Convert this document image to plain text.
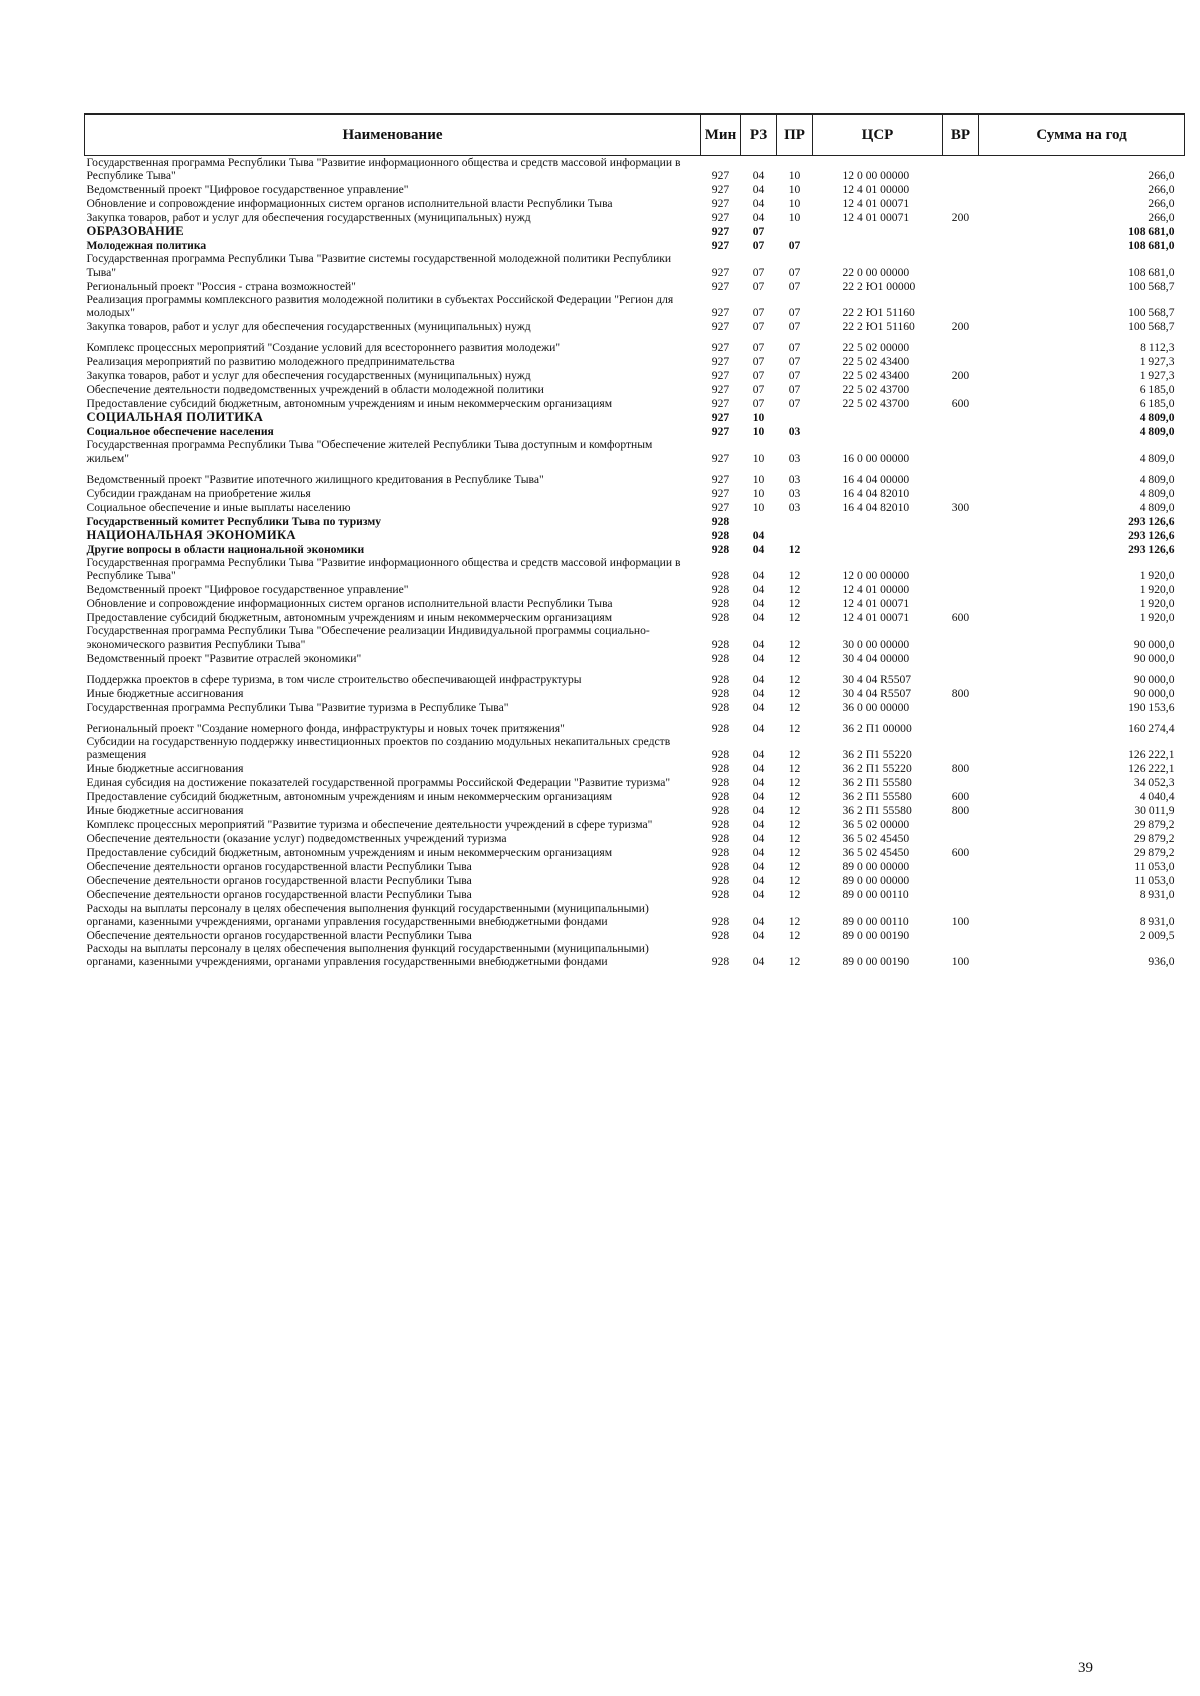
Наименование	Мин	РЗ	ПР	ЦСР	ВР	Сумма на год
Государственная программа Республики Тыва "Развитие информационного общества и средств массовой информации в Республике Тыва"	927	04	10	12 0 00 00000		266,0
Ведомственный проект "Цифровое государственное управление"	927	04	10	12 4 01 00000		266,0
Обновление и сопровождение информационных систем органов исполнительной власти Республики Тыва	927	04	10	12 4 01 00071		266,0
Закупка товаров, работ и услуг для обеспечения государственных (муниципальных) нужд	927	04	10	12 4 01 00071	200	266,0
ОБРАЗОВАНИЕ	927	07				108 681,0
Молодежная политика	927	07	07			108 681,0
Государственная программа Республики Тыва "Развитие системы государственной молодежной политики Республики Тыва"	927	07	07	22 0 00 00000		108 681,0
Региональный проект "Россия - страна возможностей"	927	07	07	22 2 Ю1 00000		100 568,7
Реализация программы комплексного развития молодежной политики в субъектах Российской Федерации "Регион для молодых"	927	07	07	22 2 Ю1 51160		100 568,7
Закупка товаров, работ и услуг для обеспечения государственных (муниципальных) нужд	927	07	07	22 2 Ю1 51160	200	100 568,7
Комплекс процессных мероприятий "Создание условий для всестороннего развития молодежи"	927	07	07	22 5 02 00000		8 112,3
Реализация мероприятий по развитию молодежного предпринимательства	927	07	07	22 5 02 43400		1 927,3
Закупка товаров, работ и услуг для обеспечения государственных (муниципальных) нужд	927	07	07	22 5 02 43400	200	1 927,3
Обеспечение деятельности подведомственных учреждений в области молодежной политики	927	07	07	22 5 02 43700		6 185,0
Предоставление субсидий бюджетным, автономным учреждениям и иным некоммерческим организациям	927	07	07	22 5 02 43700	600	6 185,0
СОЦИАЛЬНАЯ ПОЛИТИКА	927	10				4 809,0
Социальное обеспечение населения	927	10	03			4 809,0
Государственная программа Республики Тыва "Обеспечение жителей Республики Тыва доступным и комфортным жильем"	927	10	03	16 0 00 00000		4 809,0
Ведомственный проект "Развитие ипотечного жилищного кредитования в Республике Тыва"	927	10	03	16 4 04 00000		4 809,0
Субсидии гражданам на приобретение жилья	927	10	03	16 4 04 82010		4 809,0
Социальное обеспечение и иные выплаты населению	927	10	03	16 4 04 82010	300	4 809,0
Государственный комитет Республики Тыва по туризму	928					293 126,6
НАЦИОНАЛЬНАЯ ЭКОНОМИКА	928	04				293 126,6
Другие вопросы в области национальной экономики	928	04	12			293 126,6
Государственная программа Республики Тыва "Развитие информационного общества и средств массовой информации в Республике Тыва"	928	04	12	12 0 00 00000		1 920,0
Ведомственный проект "Цифровое государственное управление"	928	04	12	12 4 01 00000		1 920,0
Обновление и сопровождение информационных систем органов исполнительной власти Республики Тыва	928	04	12	12 4 01 00071		1 920,0
Предоставление субсидий бюджетным, автономным учреждениям и иным некоммерческим организациям	928	04	12	12 4 01 00071	600	1 920,0
Государственная программа Республики Тыва "Обеспечение реализации Индивидуальной программы социально-экономического развития Республики Тыва"	928	04	12	30 0 00 00000		90 000,0
Ведомственный проект "Развитие отраслей экономики"	928	04	12	30 4 04 00000		90 000,0
Поддержка проектов в сфере туризма, в том числе строительство обеспечивающей инфраструктуры	928	04	12	30 4 04 R5507		90 000,0
Иные бюджетные ассигнования	928	04	12	30 4 04 R5507	800	90 000,0
Государственная программа Республики Тыва "Развитие туризма в Республике Тыва"	928	04	12	36 0 00 00000		190 153,6
Региональный проект "Создание номерного фонда, инфраструктуры и новых точек притяжения"	928	04	12	36 2 П1 00000		160 274,4
Субсидии на государственную поддержку инвестиционных проектов по созданию модульных некапитальных средств размещения	928	04	12	36 2 П1 55220		126 222,1
Иные бюджетные ассигнования	928	04	12	36 2 П1 55220	800	126 222,1
Единая субсидия на достижение показателей государственной программы Российской Федерации "Развитие туризма"	928	04	12	36 2 П1 55580		34 052,3
Предоставление субсидий бюджетным, автономным учреждениям и иным некоммерческим организациям	928	04	12	36 2 П1 55580	600	4 040,4
Иные бюджетные ассигнования	928	04	12	36 2 П1 55580	800	30 011,9
Комплекс процессных мероприятий "Развитие туризма и обеспечение деятельности учреждений в сфере туризма"	928	04	12	36 5 02 00000		29 879,2
Обеспечение деятельности (оказание услуг) подведомственных учреждений туризма	928	04	12	36 5 02 45450		29 879,2
Предоставление субсидий бюджетным, автономным учреждениям и иным некоммерческим организациям	928	04	12	36 5 02 45450	600	29 879,2
Обеспечение деятельности органов государственной власти Республики Тыва	928	04	12	89 0 00 00000		11 053,0
Обеспечение деятельности органов государственной власти Республики Тыва	928	04	12	89 0 00 00000		11 053,0
Обеспечение деятельности органов государственной власти Республики Тыва	928	04	12	89 0 00 00110		8 931,0
Расходы на выплаты персоналу в целях обеспечения выполнения функций государственными (муниципальными) органами, казенными учреждениями, органами управления государственными внебюджетными фондами	928	04	12	89 0 00 00110	100	8 931,0
Обеспечение деятельности органов государственной власти Республики Тыва	928	04	12	89 0 00 00190		2 009,5
Расходы на выплаты персоналу в целях обеспечения выполнения функций государственными (муниципальными) органами, казенными учреждениями, органами управления государственными внебюджетными фондами	928	04	12	89 0 00 00190	100	936,0
39
